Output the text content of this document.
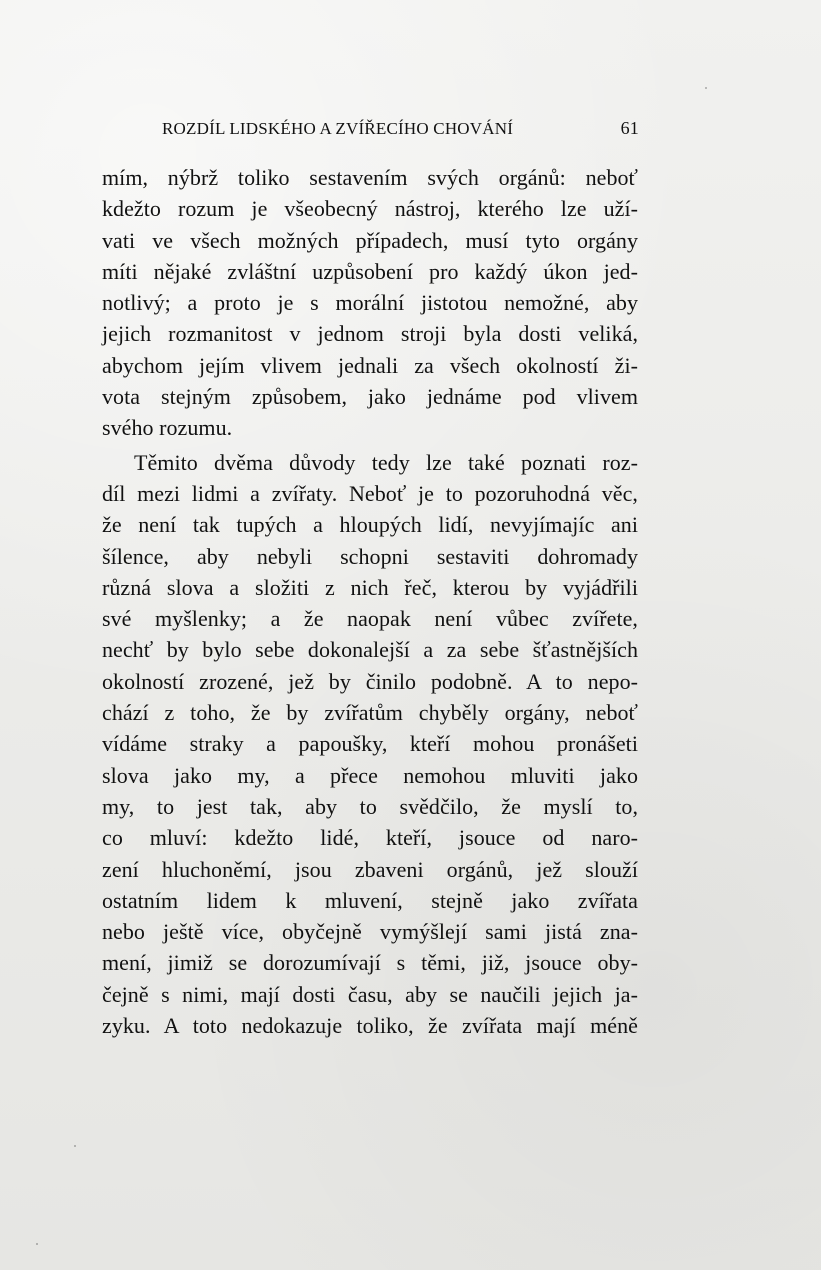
ROZDÍL LIDSKÉHO A ZVÍŘECÍHO CHOVÁNÍ	61
mím, nýbrž toliko sestavením svých orgánů: neboť
kdežto rozum je všeobecný nástroj, kterého lze uží-
vati ve všech možných případech, musí tyto orgány
míti nějaké zvláštní uzpůsobení pro každý úkon jed-
notlivý; a proto je s morální jistotou nemožné, aby
jejich rozmanitost v jednom stroji byla dosti veliká,
abychom jejím vlivem jednali za všech okolností ži-
vota stejným způsobem, jako jednáme pod vlivem
svého rozumu.
Těmito dvěma důvody tedy lze také poznati roz-
díl mezi lidmi a zvířaty. Neboť je to pozoruhodná věc,
že není tak tupých a hloupých lidí, nevyjímajíc ani
šílence, aby nebyli schopni sestaviti dohromady
různá slova a složiti z nich řeč, kterou by vyjádřili
své myšlenky; a že naopak není vůbec zvířete,
nechť by bylo sebe dokonalejší a za sebe šťastnějších
okolností zrozené, jež by činilo podobně. A to nepo-
chází z toho, že by zvířatům chyběly orgány, neboť
vídáme straky a papoušky, kteří mohou pronášeti
slova jako my, a přece nemohou mluviti jako
my, to jest tak, aby to svědčilo, že myslí to,
co mluví: kdežto lidé, kteří, jsouce od naro-
zení hluchoněmí, jsou zbaveni orgánů, jež slouží
ostatním lidem k mluvení, stejně jako zvířata
nebo ještě více, obyčejně vymýšlejí sami jistá zna-
mení, jimiž se dorozumívají s těmi, již, jsouce oby-
čejně s nimi, mají dosti času, aby se naučili jejich ja-
zyku. A toto nedokazuje toliko, že zvířata mají méně
